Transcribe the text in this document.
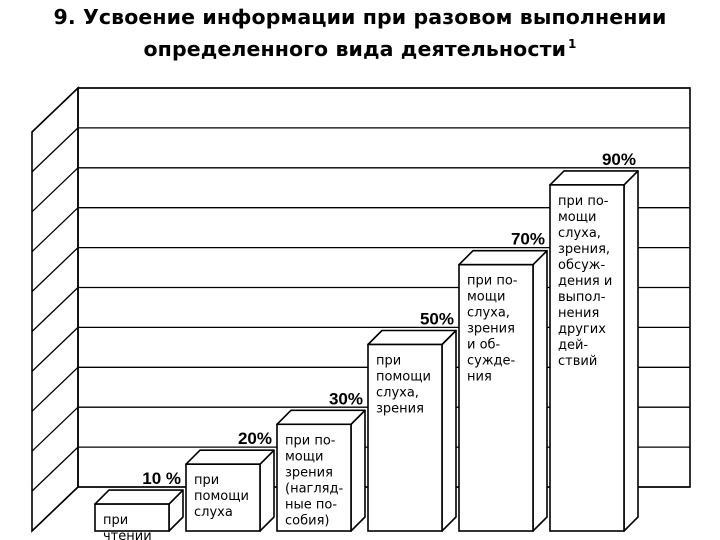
9. Усвоение информации при разовом выполнении
определенного вида деятельности $^1$
10 %
при чтении
20%
при помощи слуха
30%
при по-мощи зрения (нагляд-ные по-собия)
50%
при помощи слуха, зрения
70%
при по-мощи слуха, зрения и об-сужде-ния
90%
при по-мощи слуха, зрения, обсуж-дения и выпол-нения других дей-ствий
